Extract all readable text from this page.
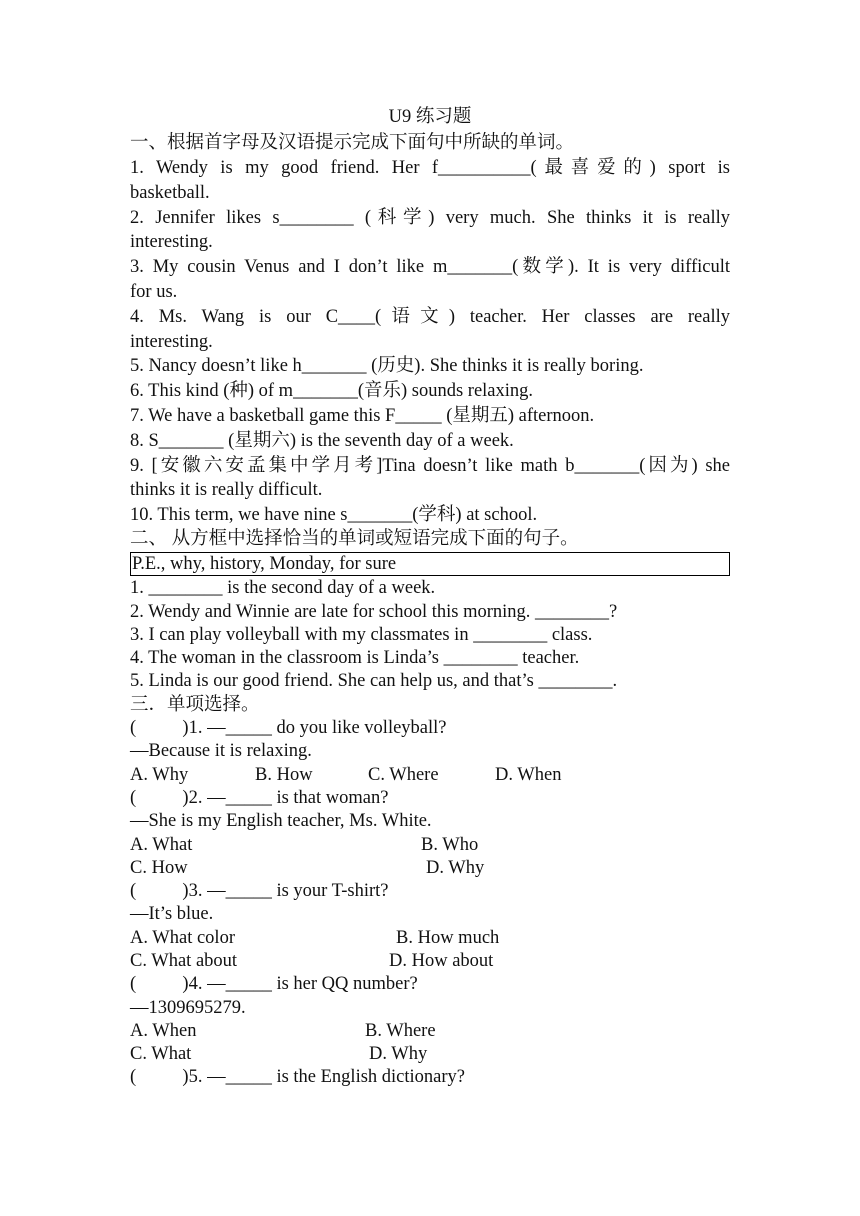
U9 练习题
一、根据首字母及汉语提示完成下面句中所缺的单词。
1. Wendy is my good friend. Her f__________(最喜爱的) sport is
basketball.
2. Jennifer likes s________ (科学) very much. She thinks it is really
interesting.
3. My cousin Venus and I don’t like m_______(数学). It is very difficult
for us.
4. Ms. Wang is our C____(语文) teacher. Her classes are really
interesting.
5. Nancy doesn’t like h_______ (历史). She thinks it is really boring.
6. This kind (种) of m_______(音乐) sounds relaxing.
7. We have a basketball game this F_____ (星期五) afternoon.
8. S_______ (星期六) is the seventh day of a week.
9. [安徽六安孟集中学月考]Tina doesn’t like math b_______(因为) she
thinks it is really difficult.
10. This term, we have nine s_______(学科) at school.
二、 从方框中选择恰当的单词或短语完成下面的句子。
P.E., why, history, Monday, for sure
1. ________ is the second day of a week.
2. Wendy and Winnie are late for school this morning. ________?
3. I can play volleyball with my classmates in ________ class.
4. The woman in the classroom is Linda’s ________ teacher.
5. Linda is our good friend. She can help us, and that’s ________.
三．单项选择。
(          )1. —_____ do you like volleyball?
—Because it is relaxing.
A. Why	B. How	C. Where	D. When
(          )2. —_____ is that woman?
—She is my English teacher, Ms. White.
A. What	B. Who
C. How	D. Why
(          )3. —_____ is your T-shirt?
—It’s blue.
A. What color	B. How much
C. What about	D. How about
(          )4. —_____ is her QQ number?
—1309695279.
A. When	B. Where
C. What	D. Why
(          )5. —_____ is the English dictionary?
